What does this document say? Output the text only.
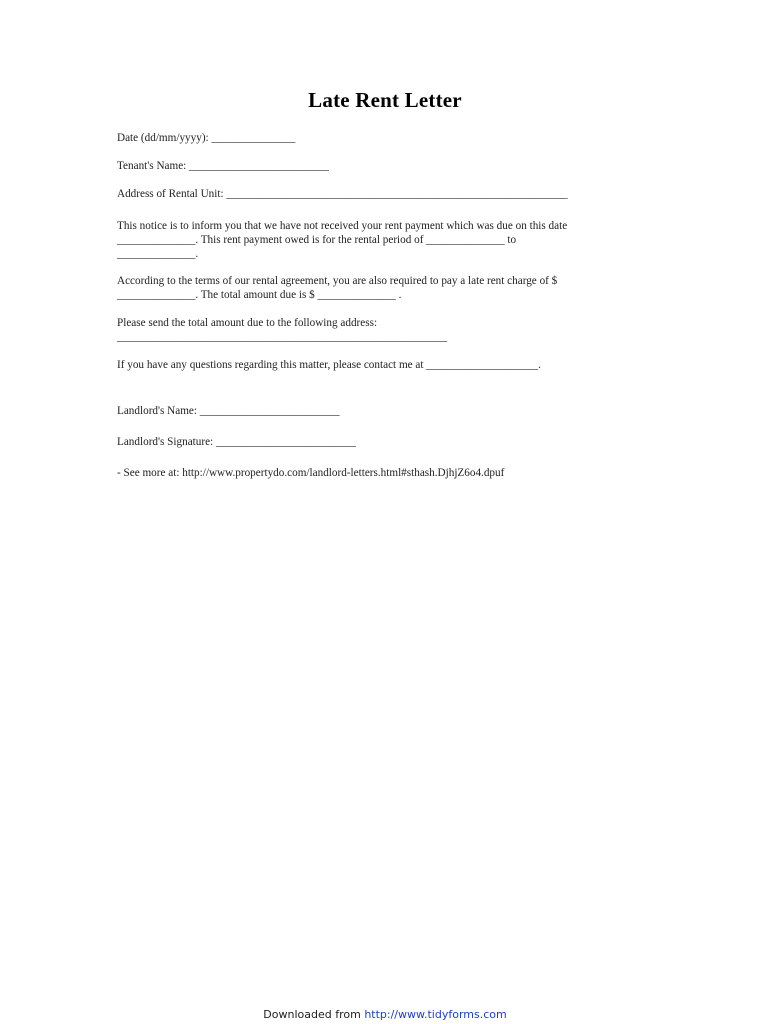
Late Rent Letter
Date (dd/mm/yyyy): _______________
Tenant's Name: _________________________
Address of Rental Unit: _____________________________________________________________
This notice is to inform you that we have not received your rent payment which was due on this date
______________. This rent payment owed is for the rental period of ______________ to
______________.
According to the terms of our rental agreement, you are also required to pay a late rent charge of $
______________. The total amount due is $ ______________ .
Please send the total amount due to the following address:
___________________________________________________________
If you have any questions regarding this matter, please contact me at ____________________.
Landlord's Name: _________________________
Landlord's Signature: _________________________
- See more at: http://www.propertydo.com/landlord-letters.html#sthash.DjhjZ6o4.dpuf
Downloaded from http://www.tidyforms.com
